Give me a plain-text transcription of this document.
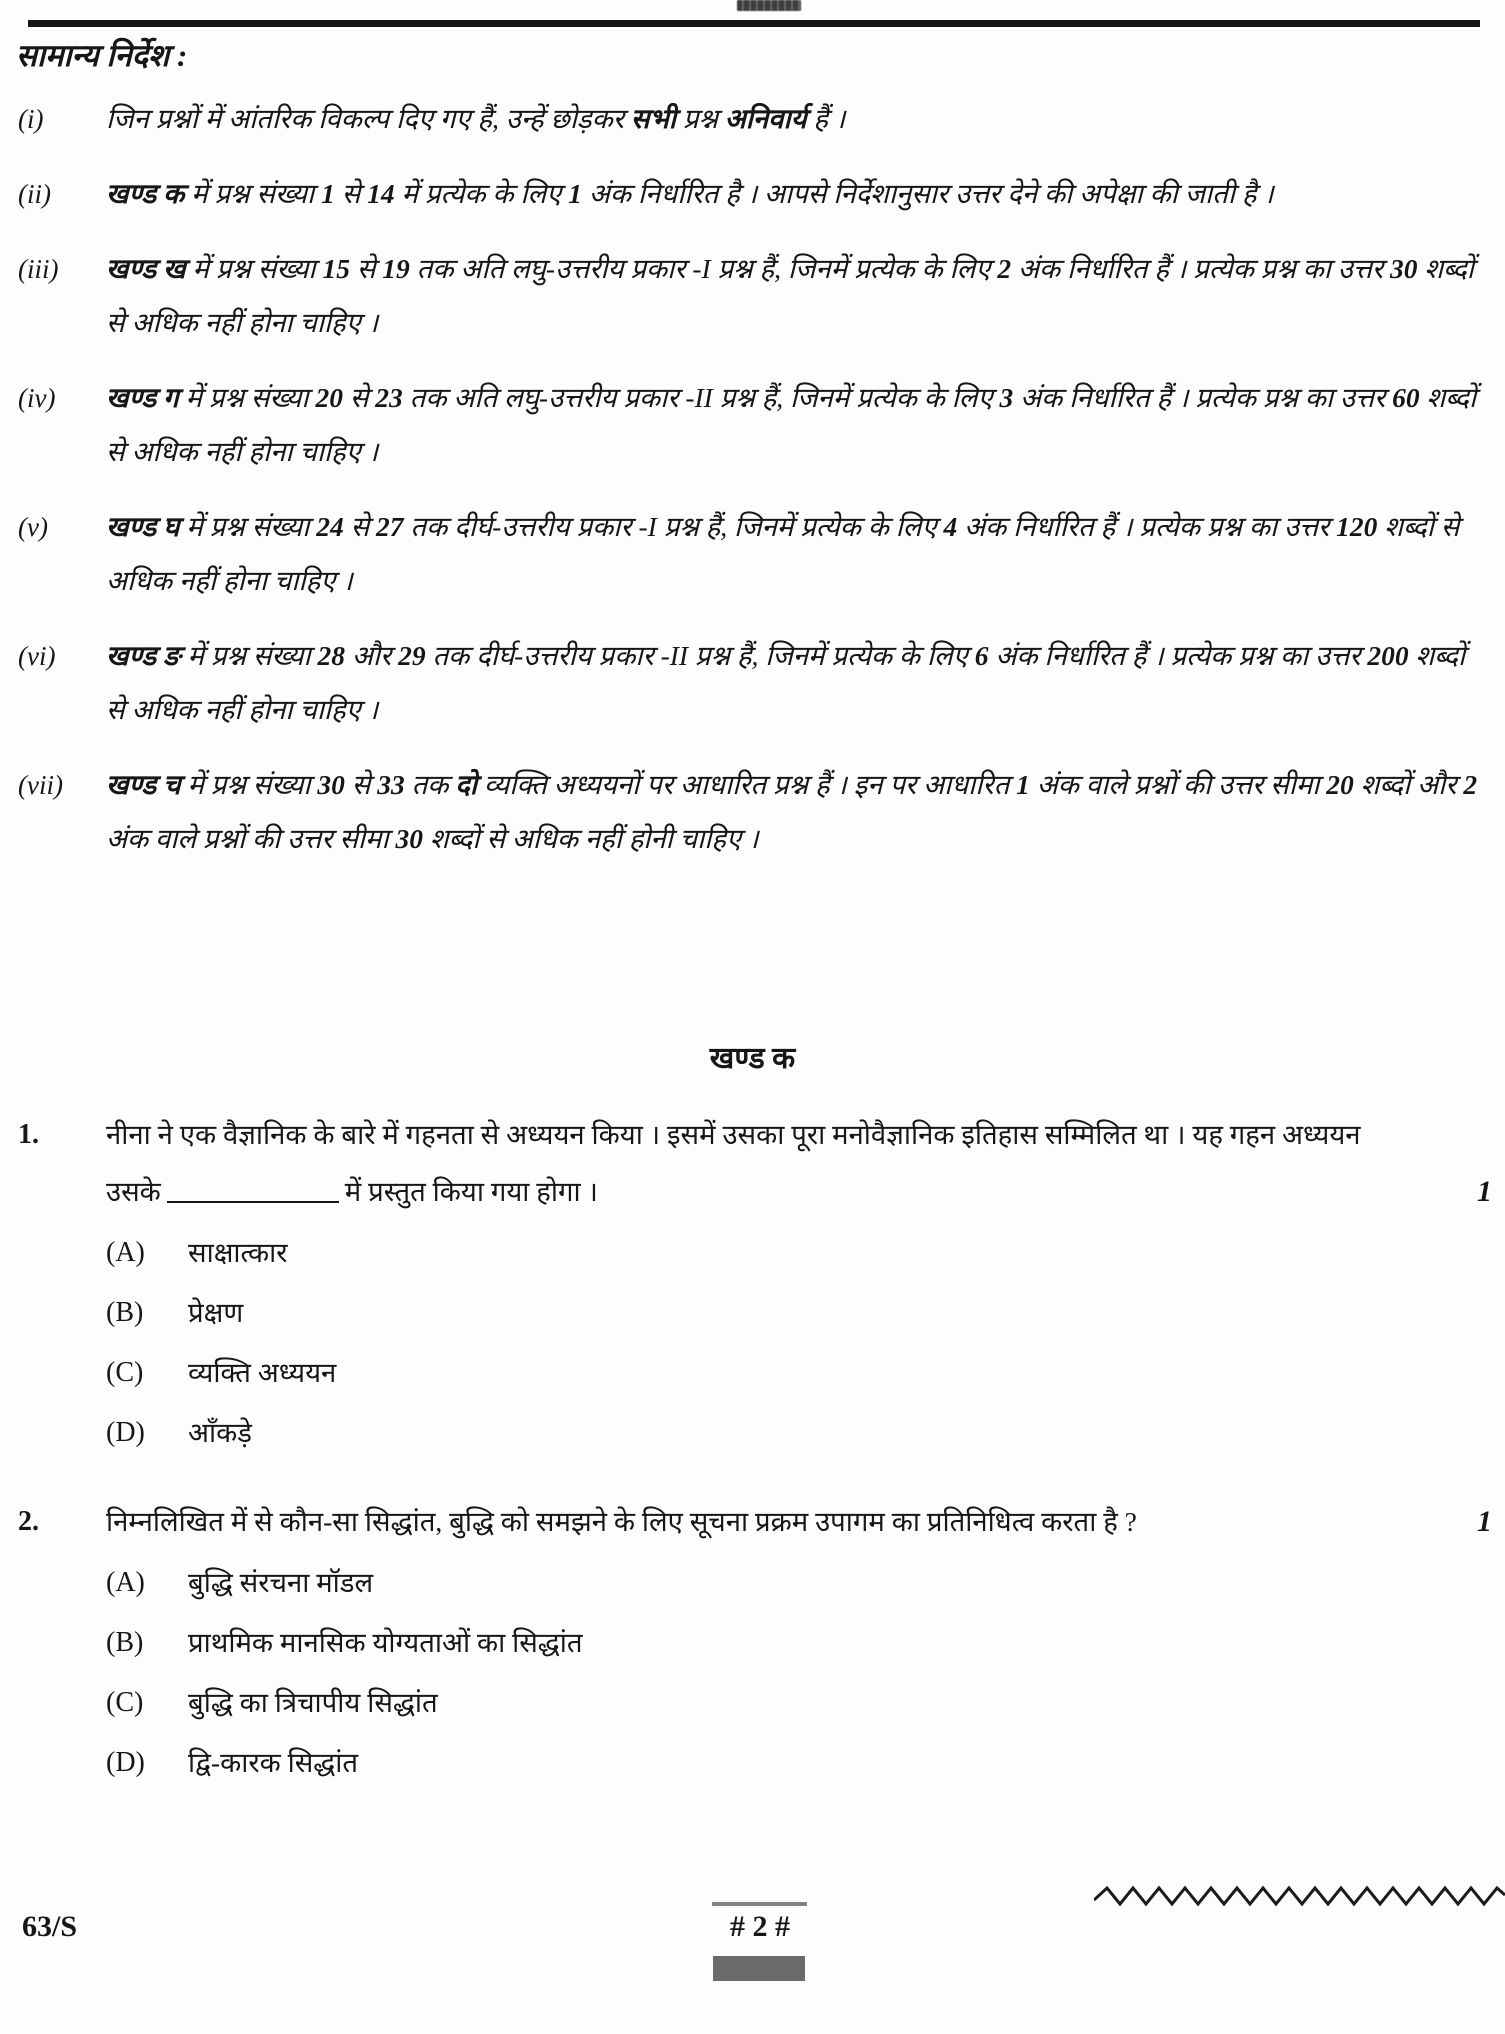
सामान्य निर्देश :
(i)	जिन प्रश्नों में आंतरिक विकल्प दिए गए हैं, उन्हें छोड़कर सभी प्रश्न अनिवार्य हैं ।
(ii)	खण्ड क में प्रश्न संख्या 1 से 14 में प्रत्येक के लिए 1 अंक निर्धारित है । आपसे निर्देशानुसार उत्तर देने की अपेक्षा की जाती है ।
(iii)	खण्ड ख में प्रश्न संख्या 15 से 19 तक अति लघु-उत्तरीय प्रकार -I प्रश्न हैं, जिनमें प्रत्येक के लिए 2 अंक निर्धारित हैं । प्रत्येक प्रश्न का उत्तर 30 शब्दों से अधिक नहीं होना चाहिए ।
(iv)	खण्ड ग में प्रश्न संख्या 20 से 23 तक अति लघु-उत्तरीय प्रकार -II प्रश्न हैं, जिनमें प्रत्येक के लिए 3 अंक निर्धारित हैं । प्रत्येक प्रश्न का उत्तर 60 शब्दों से अधिक नहीं होना चाहिए ।
(v)	खण्ड घ में प्रश्न संख्या 24 से 27 तक दीर्घ-उत्तरीय प्रकार -I प्रश्न हैं, जिनमें प्रत्येक के लिए 4 अंक निर्धारित हैं । प्रत्येक प्रश्न का उत्तर 120 शब्दों से अधिक नहीं होना चाहिए ।
(vi)	खण्ड ङ में प्रश्न संख्या 28 और 29 तक दीर्घ-उत्तरीय प्रकार -II प्रश्न हैं, जिनमें प्रत्येक के लिए 6 अंक निर्धारित हैं । प्रत्येक प्रश्न का उत्तर 200 शब्दों से अधिक नहीं होना चाहिए ।
(vii)	खण्ड च में प्रश्न संख्या 30 से 33 तक दो व्यक्ति अध्ययनों पर आधारित प्रश्न हैं । इन पर आधारित 1 अंक वाले प्रश्नों की उत्तर सीमा 20 शब्दों और 2 अंक वाले प्रश्नों की उत्तर सीमा 30 शब्दों से अधिक नहीं होनी चाहिए ।
खण्ड क
1.	नीना ने एक वैज्ञानिक के बारे में गहनता से अध्ययन किया । इसमें उसका पूरा मनोवैज्ञानिक इतिहास सम्मिलित था । यह गहन अध्ययन उसके	में प्रस्तुत किया गया होगा ।	1
(A)	साक्षात्कार
(B)	प्रेक्षण
(C)	व्यक्ति अध्ययन
(D)	आँकड़े
2.	निम्नलिखित में से कौन-सा सिद्धांत, बुद्धि को समझने के लिए सूचना प्रक्रम उपागम का प्रतिनिधित्व करता है ?	1
(A)	बुद्धि संरचना मॉडल
(B)	प्राथमिक मानसिक योग्यताओं का सिद्धांत
(C)	बुद्धि का त्रिचापीय सिद्धांत
(D)	द्वि-कारक सिद्धांत
63/S	# 2 #
